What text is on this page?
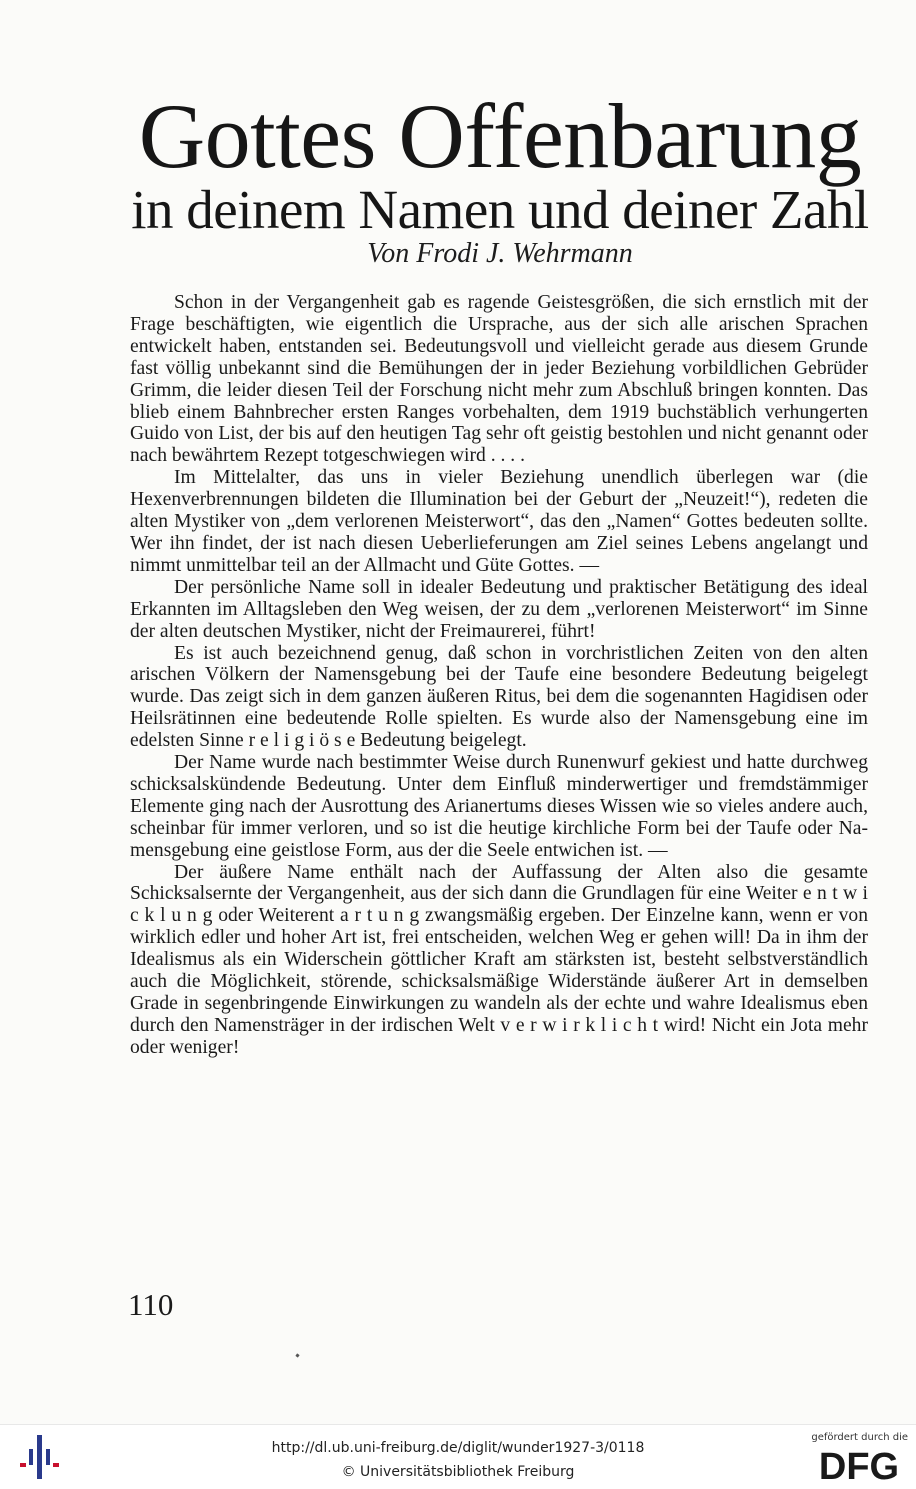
Gottes Offenbarung
in deinem Namen und deiner Zahl
Von Frodi J. Wehrmann

Schon in der Vergangenheit gab es ragende Geistesgrößen, die sich ernstlich mit der Frage beschäftigten, wie eigentlich die Ursprache, aus der sich alle arischen Sprachen entwickelt haben, entstanden sei. Bedeutungsvoll und vielleicht gerade aus diesem Grunde fast völlig unbekannt sind die Bemühungen der in jeder Beziehung vorbildlichen Gebrüder Grimm, die leider diesen Teil der Forschung nicht mehr zum Abschluß bringen konnten. Das blieb einem Bahnbrecher ersten Ranges vorbehalten, dem 1919 buchstäblich verhungerten Guido von List, der bis auf den heutigen Tag sehr oft geistig bestohlen und nicht genannt oder nach bewährtem Rezept totgeschwiegen wird . . . .

Im Mittelalter, das uns in vieler Beziehung unendlich überlegen war (die Hexenverbrennungen bildeten die Illumination bei der Geburt der „Neuzeit!“), redeten die alten Mystiker von „dem verlorenen Meisterwort“, das den „Namen“ Gottes bedeuten sollte. Wer ihn findet, der ist nach diesen Ueberlieferungen am Ziel seines Lebens angelangt und nimmt unmittelbar teil an der Allmacht und Güte Gottes. —

Der persönliche Name soll in idealer Bedeutung und praktischer Betätigung des ideal Erkannten im Alltagsleben den Weg weisen, der zu dem „verlorenen Meisterwort“ im Sinne der alten deutschen Mystiker, nicht der Freimaurerei, führt!

Es ist auch bezeichnend genug, daß schon in vorchristlichen Zeiten von den alten arischen Völkern der Namensgebung bei der Taufe eine besondere Bedeutung beigelegt wurde. Das zeigt sich in dem ganzen äußeren Ritus, bei dem die sogenannten Hagidisen oder Heilsrätinnen eine bedeutende Rolle spielten. Es wurde also der Namensgebung eine im edelsten Sinne r e l i g i ö s e Bedeutung beigelegt.

Der Name wurde nach bestimmter Weise durch Runenwurf gekiest und hatte durchweg schicksalskündende Bedeutung. Unter dem Einfluß minderwertiger und fremdstämmiger Elemente ging nach der Ausrottung des Arianertums dieses Wissen wie so vieles andere auch, scheinbar für immer verloren, und so ist die heutige kirchliche Form bei der Taufe oder Namensgebung eine geistlose Form, aus der die Seele entwichen ist. —

Der äußere Name enthält nach der Auffassung der Alten also die gesamte Schicksalsernte der Vergangenheit, aus der sich dann die Grundlagen für eine Weiter e n t w i c k l u n g oder Weiterent a r t u n g zwangsmäßig ergeben. Der Einzelne kann, wenn er von wirklich edler und hoher Art ist, frei entscheiden, welchen Weg er gehen will! Da in ihm der Idealismus als ein Widerschein göttlicher Kraft am stärksten ist, besteht selbstverständlich auch die Möglichkeit, störende, schicksalsmäßige Widerstände äußerer Art in demselben Grade in segenbringende Einwirkungen zu wandeln als der echte und wahre Idealismus eben durch den Namensträger in der irdischen Welt v e r w i r k l i c h t wird! Nicht ein Jota mehr oder weniger!

110
http://dl.ub.uni-freiburg.de/diglit/wunder1927-3/0118
© Universitätsbibliothek Freiburg
gefördert durch die
DFG
